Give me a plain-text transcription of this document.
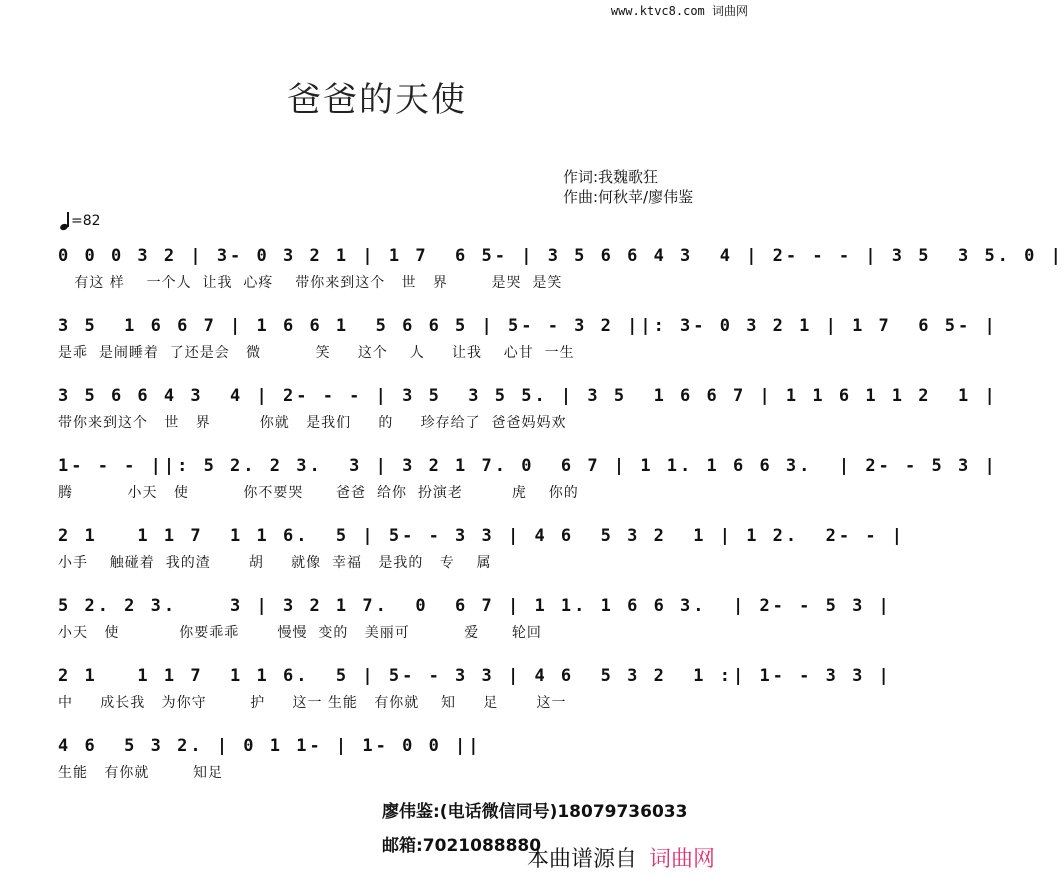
www.ktvc8.com 词曲网
爸爸的天使
作词:我魏歌狂
作曲:何秋苹/廖伟鉴
=82
0 0 0 3 2 | 3- 0 3 2 1 | 1 7  6 5- | 3 5 6 6 4 3  4 | 2- - - | 3 5  3 5. 0 |
有这 样    一个人  让我  心疼    带你来到这个   世   界        是哭  是笑
3 5  1 6 6 7 | 1 6 6 1  5 6 6 5 | 5- - 3 2 ||: 3- 0 3 2 1 | 1 7  6 5- |
是乖  是闹睡着  了还是会   微          笑     这个    人     让我    心甘  一生
3 5 6 6 4 3  4 | 2- - - | 3 5  3 5 5. | 3 5  1 6 6 7 | 1 1 6 1 1 2  1 |
带你来到这个   世   界         你就   是我们     的     珍存给了  爸爸妈妈欢
1- - - ||: 5 2. 2 3.  3 | 3 2 1 7. 0  6 7 | 1 1. 1 6 6 3.  | 2- - 5 3 |
腾          小天   使          你不要哭      爸爸  给你  扮演老         虎    你的
2 1   1 1 7  1 1 6.  5 | 5- - 3 3 | 4 6  5 3 2  1 | 1 2.  2- - |
小手    触碰着  我的渣       胡     就像  幸福   是我的   专    属
5 2. 2 3.    3 | 3 2 1 7.  0  6 7 | 1 1. 1 6 6 3.  | 2- - 5 3 |
小天   使           你要乖乖       慢慢  变的   美丽可          爱      轮回
2 1   1 1 7  1 1 6.  5 | 5- - 3 3 | 4 6  5 3 2  1 :| 1- - 3 3 |
中     成长我   为你守        护     这一 生能   有你就    知     足       这一
4 6  5 3 2. | 0 1 1- | 1- 0 0 ||
生能   有你就        知足
廖伟鉴:(电话微信同号)18079736033
邮箱:7021088880
本曲谱源自 词曲网
